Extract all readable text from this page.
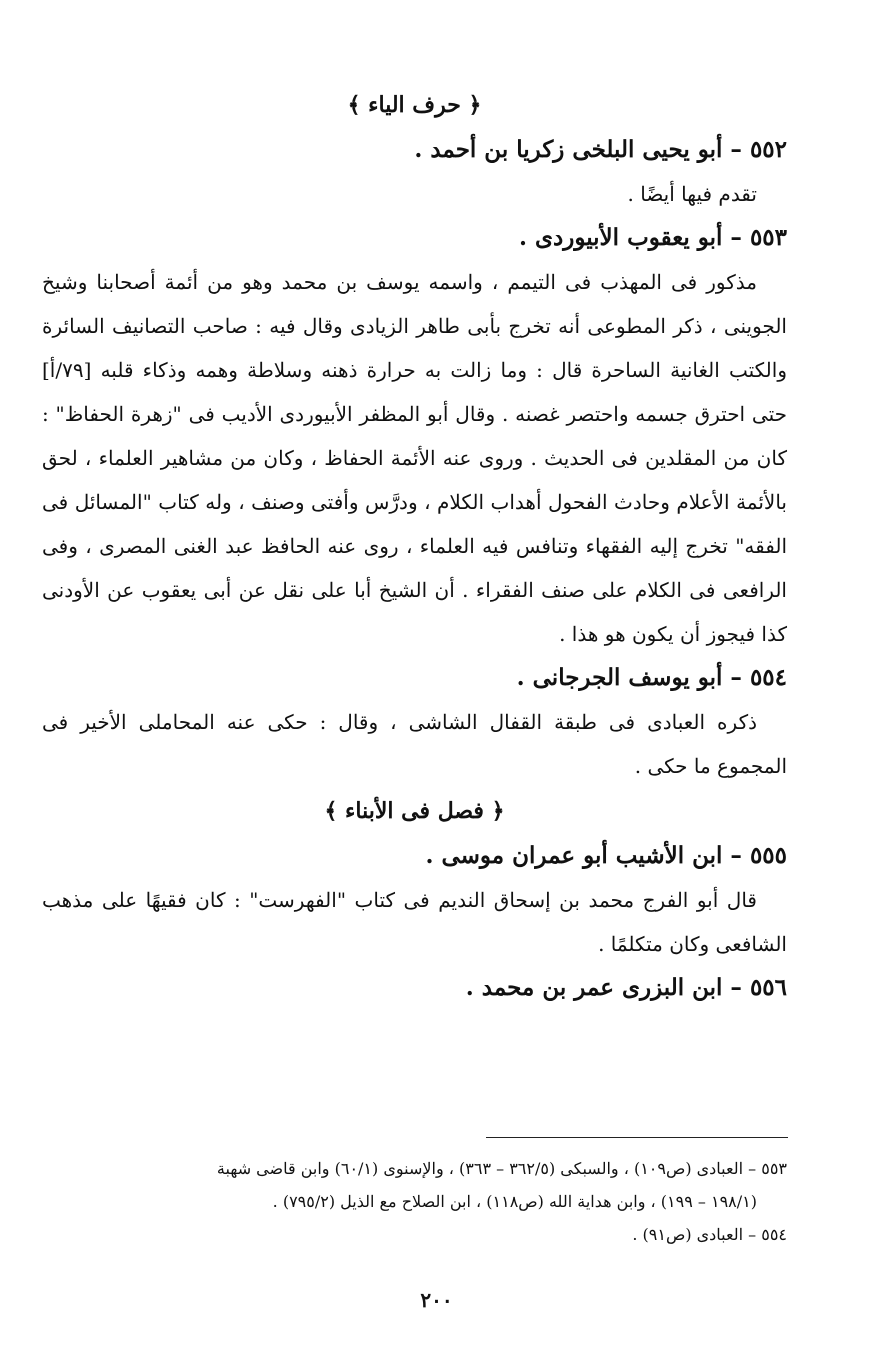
﴿ حرف الياء ﴾

٥٥٢ – أبو يحيى البلخى زكريا بن أحمد .

تقدم فيها أيضًا .

٥٥٣ – أبو يعقوب الأبيوردى .

مذكور فى المهذب فى التيمم ، واسمه يوسف بن محمد وهو من أئمة أصحابنا وشيخ الجوينى ، ذكر المطوعى أنه تخرج بأبى طاهر الزيادى وقال فيه : صاحب التصانيف السائرة والكتب الغانية الساحرة قال : وما زالت به حرارة ذهنه وسلاطة وهمه وذكاء قلبه [٧٩/أ] حتى احترق جسمه واحتصر غصنه . وقال أبو المظفر الأبيوردى الأديب فى "زهرة الحفاظ" : كان من المقلدين فى الحديث . وروى عنه الأئمة الحفاظ ، وكان من مشاهير العلماء ، لحق بالأئمة الأعلام وحادث الفحول أهداب الكلام ، ودرَّس وأفتى وصنف ، وله كتاب "المسائل فى الفقه" تخرج إليه الفقهاء وتنافس فيه العلماء ، روى عنه الحافظ عبد الغنى المصرى ، وفى الرافعى فى الكلام على صنف الفقراء . أن الشيخ أبا على نقل عن أبى يعقوب عن الأودنى كذا فيجوز أن يكون هو هذا .

٥٥٤ – أبو يوسف الجرجانى .

ذكره العبادى فى طبقة القفال الشاشى ، وقال : حكى عنه المحاملى الأخير فى المجموع ما حكى .

﴿ فصل فى الأبناء ﴾

٥٥٥ – ابن الأشيب أبو عمران موسى .

قال أبو الفرج محمد بن إسحاق النديم فى كتاب "الفهرست" : كان فقيهًا على مذهب الشافعى وكان متكلمًا .

٥٥٦ – ابن البزرى عمر بن محمد .

٥٥٣ – العبادى (ص١٠٩) ، والسبكى (٣٦٢/٥ – ٣٦٣) ، والإسنوى (٦٠/١) وابن قاضى شهبة

(١٩٨/١ – ١٩٩) ، وابن هداية الله (ص١١٨) ، ابن الصلاح مع الذيل (٧٩٥/٢) .

٥٥٤ – العبادى (ص٩١) .

٢٠٠
